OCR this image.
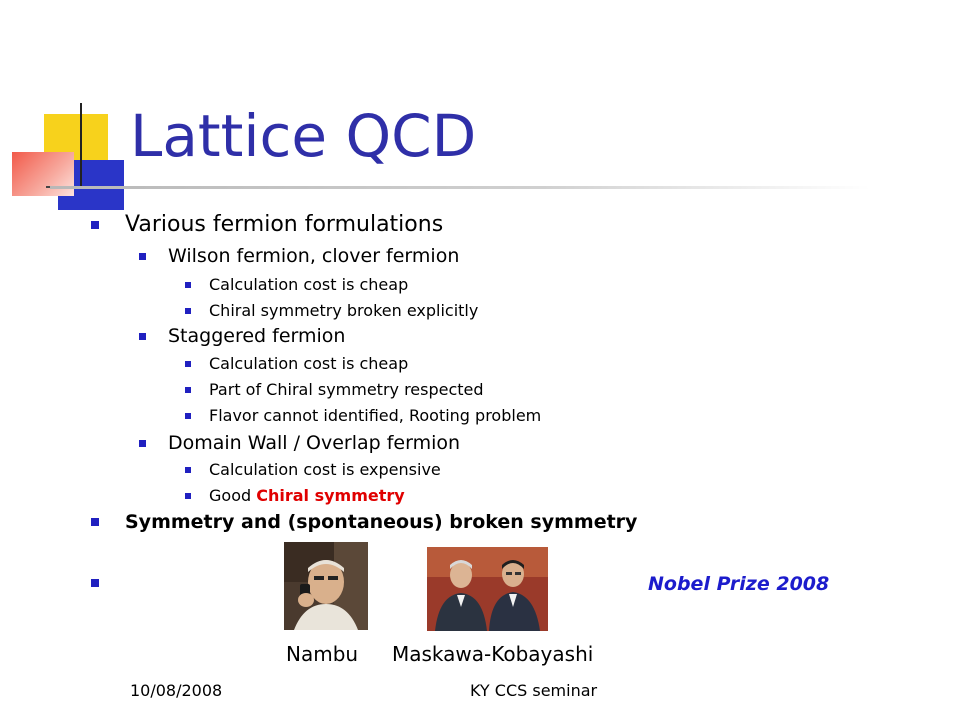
Lattice QCD
Various fermion formulations
Wilson fermion, clover fermion
Calculation cost is cheap
Chiral symmetry broken explicitly
Staggered fermion
Calculation cost is cheap
Part of Chiral symmetry respected
Flavor cannot identified, Rooting problem
Domain Wall / Overlap fermion
Calculation cost is expensive
Good Chiral symmetry
Symmetry and (spontaneous) broken symmetry
Nobel Prize 2008
Nambu Maskawa-Kobayashi
10/08/2008	KY CCS seminar
